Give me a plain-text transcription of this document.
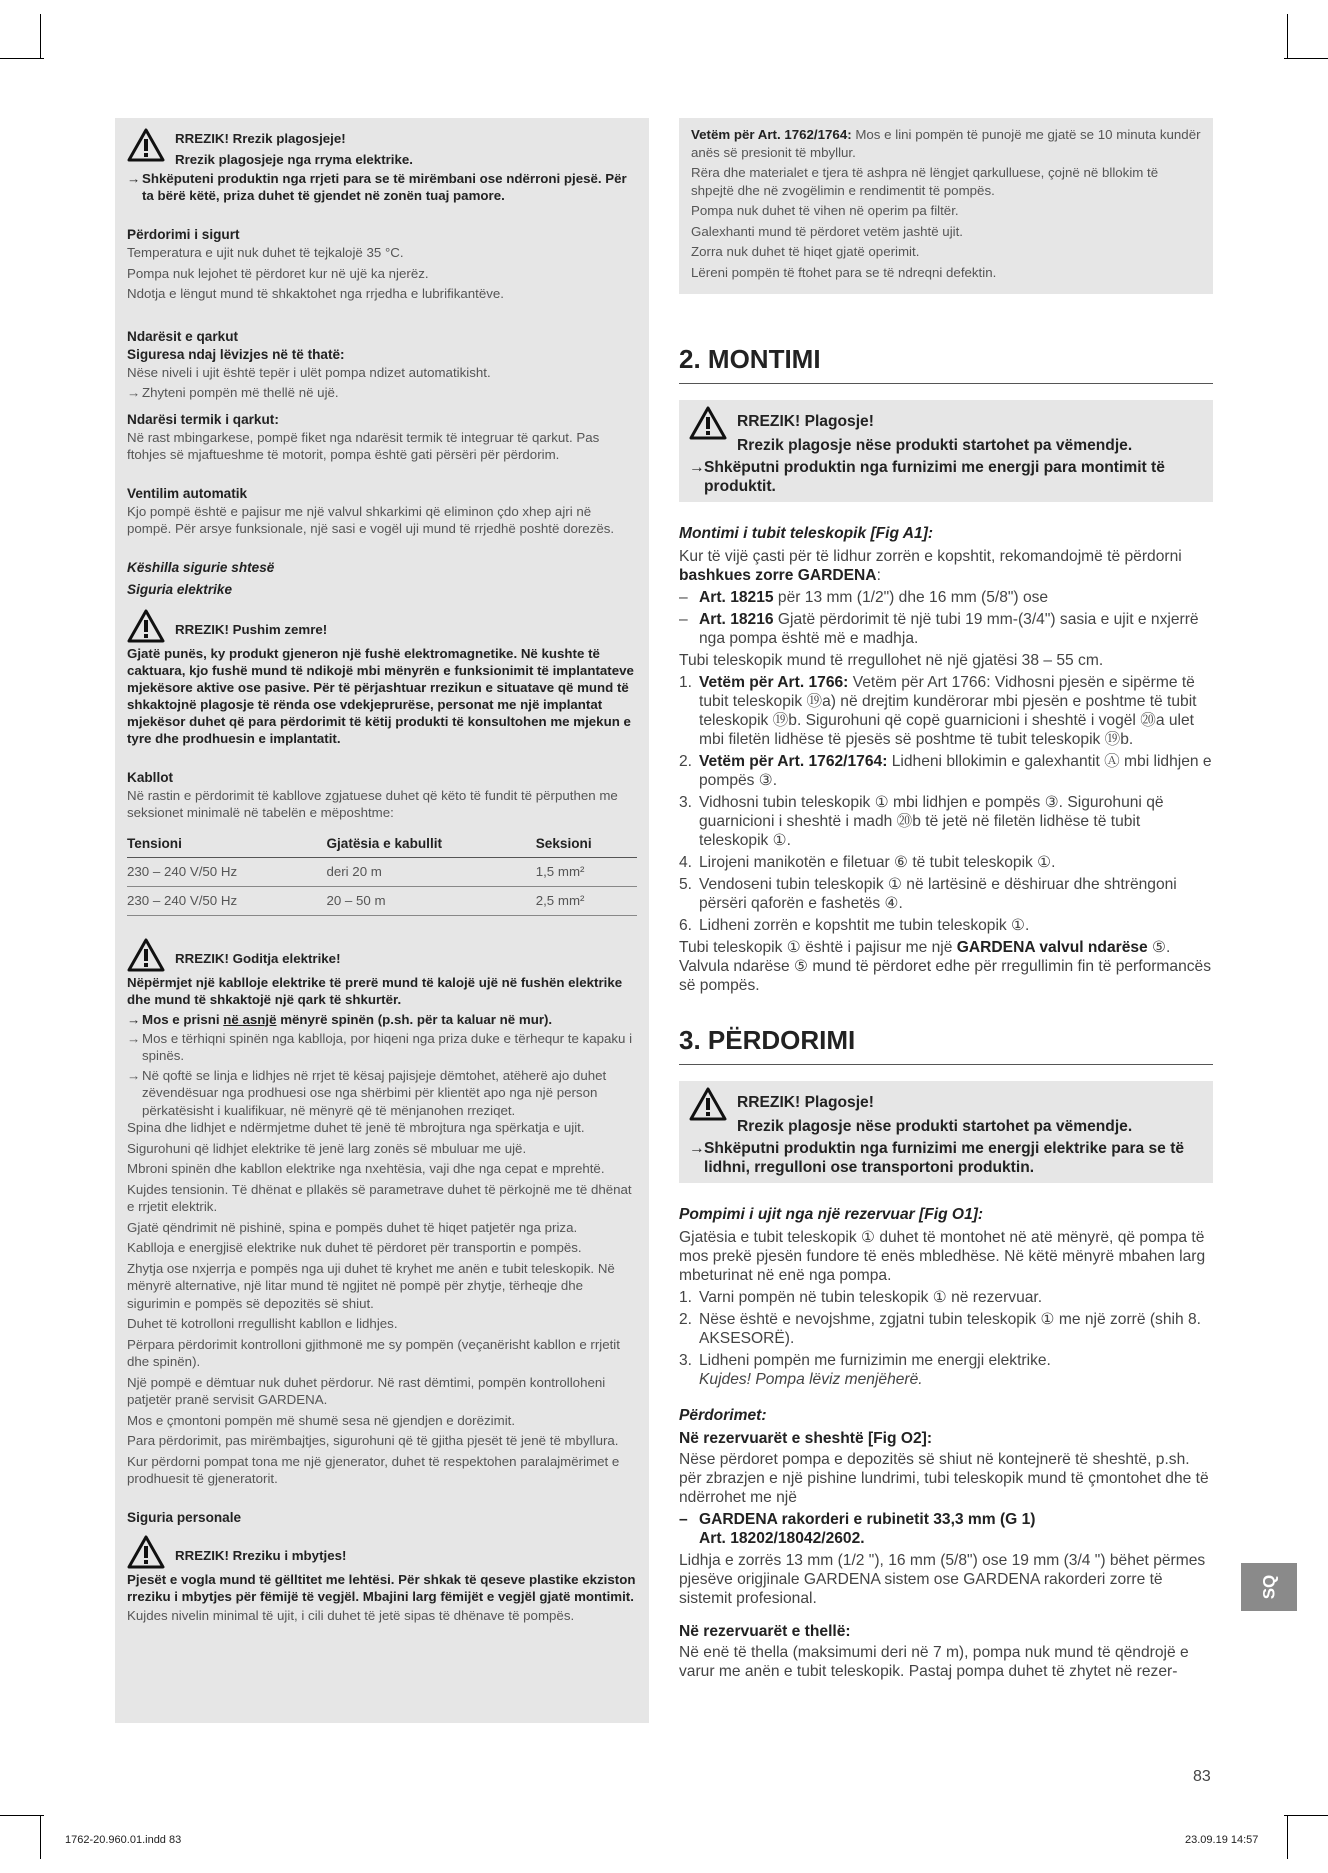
RREZIK! Rrezik plagosjeje!
Rrezik plagosjeje nga rryma elektrike.
→ Shkëputeni produktin nga rrjeti para se të mirëmbani ose ndërroni pjesë. Për ta bërë këtë, priza duhet të gjendet në zonën tuaj pamore.
Përdorimi i sigurt
Temperatura e ujit nuk duhet të tejkalojë 35 °C.
Pompa nuk lejohet të përdoret kur në ujë ka njerëz.
Ndotja e lëngut mund të shkaktohet nga rrjedha e lubrifikantëve.
Ndarësit e qarkut
Siguresa ndaj lëvizjes në të thatë:
Nëse niveli i ujit është tepër i ulët pompa ndizet automatikisht.
→ Zhyteni pompën më thellë në ujë.
Ndarësi termik i qarkut:
Në rast mbingarkese, pompë fiket nga ndarësit termik të integruar të qarkut. Pas ftohjes së mjaftueshme të motorit, pompa është gati përsëri për përdorim.
Ventilim automatik
Kjo pompë është e pajisur me një valvul shkarkimi që eliminon çdo xhep ajri në pompë. Për arsye funksionale, një sasi e vogël uji mund të rrjedhë poshtë dorezës.
Këshilla sigurie shtesë
Siguria elektrike
RREZIK! Pushim zemre!
Gjatë punës, ky produkt gjeneron një fushë elektromagnetike. Në kushte të caktuara, kjo fushë mund të ndikojë mbi mënyrën e funksionimit të implantateve mjekësore aktive ose pasive. Për të përjashtuar rrezikun e situatave që mund të shkaktojnë plagosje të rënda ose vdekjeprurëse, personat me një implantat mjekësor duhet që para përdorimit të këtij produkti të konsultohen me mjekun e tyre dhe prodhuesin e implantatit.
Kabllot
Në rastin e përdorimit të kabllove zgjatuese duhet që këto të fundit të përputhen me seksionet minimalë në tabelën e mëposhtme:
Tensioni	Gjatësia e kabullit	Seksioni
230 – 240 V/50 Hz	deri 20 m	1,5 mm²
230 – 240 V/50 Hz	20 – 50 m	2,5 mm²
RREZIK! Goditja elektrike!
Nëpërmjet një kablloje elektrike të prerë mund të kalojë ujë në fushën elektrike dhe mund të shkaktojë një qark të shkurtër.
→ Mos e prisni në asnjë mënyrë spinën (p.sh. për ta kaluar në mur).
→ Mos e tërhiqni spinën nga kablloja, por hiqeni nga priza duke e tërhequr te kapaku i spinës.
→ Në qoftë se linja e lidhjes në rrjet të kësaj pajisjeje dëmtohet, atëherë ajo duhet zëvendësuar nga prodhuesi ose nga shërbimi për klientët apo nga një person përkatësisht i kualifikuar, në mënyrë që të mënjanohen rreziqet.
Spina dhe lidhjet e ndërmjetme duhet të jenë të mbrojtura nga spërkatja e ujit.
Sigurohuni që lidhjet elektrike të jenë larg zonës së mbuluar me ujë.
Mbroni spinën dhe kabllon elektrike nga nxehtësia, vaji dhe nga cepat e mprehtë.
Kujdes tensionin. Të dhënat e pllakës së parametrave duhet të përkojnë me të dhënat e rrjetit elektrik.
Gjatë qëndrimit në pishinë, spina e pompës duhet të hiqet patjetër nga priza.
Kablloja e energjisë elektrike nuk duhet të përdoret për transportin e pompës.
Zhytja ose nxjerrja e pompës nga uji duhet të kryhet me anën e tubit teleskopik. Në mënyrë alternative, një litar mund të ngjitet në pompë për zhytje, tërheqje dhe sigurimin e pompës së depozitës së shiut.
Duhet të kotrolloni rregullisht kabllon e lidhjes.
Përpara përdorimit kontrolloni gjithmonë me sy pompën (veçanërisht kabllon e rrjetit dhe spinën).
Një pompë e dëmtuar nuk duhet përdorur. Në rast dëmtimi, pompën kontrolloheni patjetër pranë servisit GARDENA.
Mos e çmontoni pompën më shumë sesa në gjendjen e dorëzimit.
Para përdorimit, pas mirëmbajtjes, sigurohuni që të gjitha pjesët të jenë të mbyllura.
Kur përdorni pompat tona me një gjenerator, duhet të respektohen paralajmërimet e prodhuesit të gjeneratorit.
Siguria personale
RREZIK! Rreziku i mbytjes!
Pjesët e vogla mund të gëlltitet me lehtësi. Për shkak të qeseve plastike ekziston rreziku i mbytjes për fëmijë të vegjël. Mbajini larg fëmijët e vegjël gjatë montimit.
Kujdes nivelin minimal të ujit, i cili duhet të jetë sipas të dhënave të pompës.
Vetëm për Art. 1762/1764: Mos e lini pompën të punojë me gjatë se 10 minuta kundër anës së presionit të mbyllur.
Rëra dhe materialet e tjera të ashpra në lëngjet qarkulluese, çojnë në bllokim të shpejtë dhe në zvogëlimin e rendimentit të pompës.
Pompa nuk duhet të vihen në operim pa filtër.
Galexhanti mund të përdoret vetëm jashtë ujit.
Zorra nuk duhet të hiqet gjatë operimit.
Lëreni pompën të ftohet para se të ndreqni defektin.
2. MONTIMI
RREZIK! Plagosje!
Rrezik plagosje nëse produkti startohet pa vëmendje.
→ Shkëputni produktin nga furnizimi me energji para montimit të produktit.
Montimi i tubit teleskopik [Fig A1]:
Kur të vijë çasti për të lidhur zorrën e kopshtit, rekomandojmë të përdorni bashkues zorre GARDENA:
– Art. 18215 për 13 mm (1/2") dhe 16 mm (5/8") ose
– Art. 18216 Gjatë përdorimit të një tubi 19 mm-(3/4") sasia e ujit e nxjerrë nga pompa është më e madhja.
Tubi teleskopik mund të rregullohet në një gjatësi 38 – 55 cm.
1. Vetëm për Art. 1766: Vetëm për Art 1766: Vidhosni pjesën e sipërme të tubit teleskopik ⑲a) në drejtim kundërorar mbi pjesën e poshtme të tubit teleskopik ⑲b. Sigurohuni që copë guarnicioni i sheshtë i vogël ⑳a ulet mbi filetën lidhëse të pjesës së poshtme të tubit teleskopik ⑲b.
2. Vetëm për Art. 1762/1764: Lidheni bllokimin e galexhantit Ⓐ mbi lidhjen e pompës ③.
3. Vidhosni tubin teleskopik ① mbi lidhjen e pompës ③. Sigurohuni që guarnicioni i sheshtë i madh ⑳b të jetë në filetën lidhëse të tubit teleskopik ①.
4. Lirojeni manikotën e filetuar ⑥ të tubit teleskopik ①.
5. Vendoseni tubin teleskopik ① në lartësinë e dëshiruar dhe shtrëngoni përsëri qaforën e fashetës ④.
6. Lidheni zorrën e kopshtit me tubin teleskopik ①.
Tubi teleskopik ① është i pajisur me një GARDENA valvul ndarëse ⑤. Valvula ndarëse ⑤ mund të përdoret edhe për rregullimin fin të performancës së pompës.
3. PËRDORIMI
RREZIK! Plagosje!
Rrezik plagosje nëse produkti startohet pa vëmendje.
→ Shkëputni produktin nga furnizimi me energji elektrike para se të lidhni, rregulloni ose transportoni produktin.
Pompimi i ujit nga një rezervuar [Fig O1]:
Gjatësia e tubit teleskopik ① duhet të montohet në atë mënyrë, që pompa të mos prekë pjesën fundore të enës mbledhëse. Në këtë mënyrë mbahen larg mbeturinat në enë nga pompa.
1. Varni pompën në tubin teleskopik ① në rezervuar.
2. Nëse është e nevojshme, zgjatni tubin teleskopik ① me një zorrë (shih 8. AKSESORË).
3. Lidheni pompën me furnizimin me energji elektrike.
Kujdes! Pompa lëviz menjëherë.
Përdorimet:
Në rezervuarët e sheshtë [Fig O2]:
Nëse përdoret pompa e depozitës së shiut në kontejnerë të sheshtë, p.sh. për zbrazjen e një pishine lundrimi, tubi teleskopik mund të çmontohet dhe të ndërrohet me një
– GARDENA rakorderi e rubinetit 33,3 mm (G 1)
Art. 18202/18042/2602.
Lidhja e zorrës 13 mm (1/2 "), 16 mm (5/8") ose 19 mm (3/4 ") bëhet përmes pjesëve origjinale GARDENA sistem ose GARDENA rakorderi zorre të sistemit profesional.
Në rezervuarët e thellë:
Në enë të thella (maksimumi deri në 7 m), pompa nuk mund të qëndrojë e varur me anën e tubit teleskopik. Pastaj pompa duhet të zhytet në rezer-
SQ
83
1762-20.960.01.indd 83	23.09.19 14:57
